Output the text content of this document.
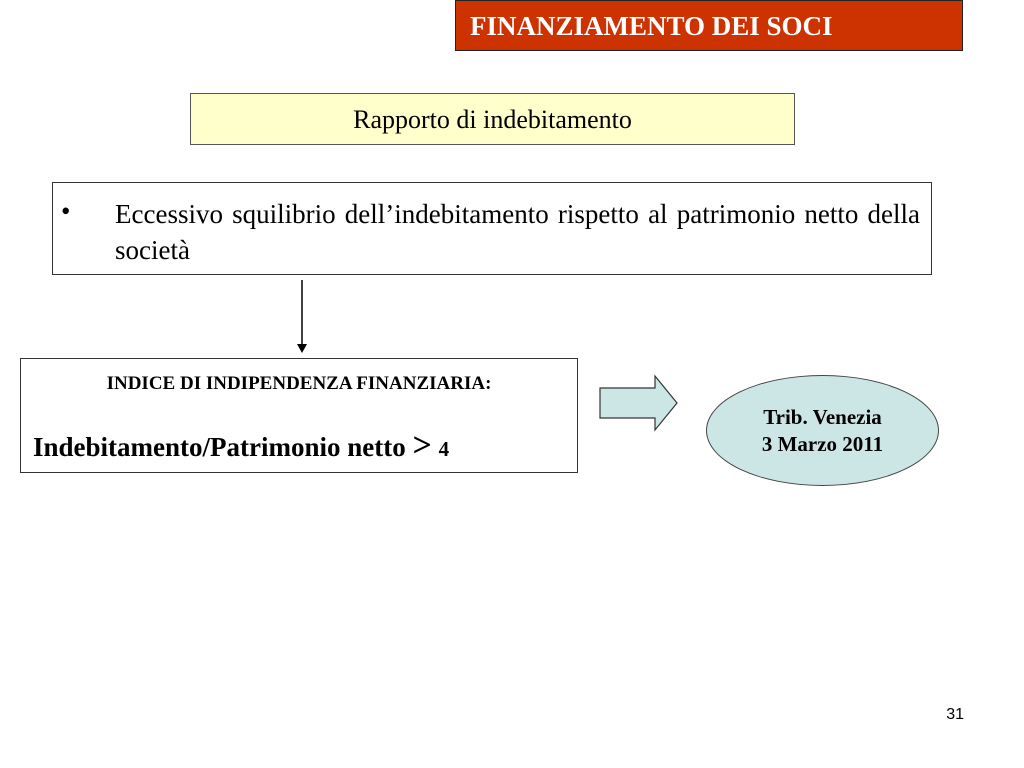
FINANZIAMENTO DEI SOCI
Rapporto di indebitamento
• Eccessivo squilibrio dell’indebitamento rispetto al patrimonio netto della società
INDICE DI INDIPENDENZA FINANZIARIA:
Indebitamento/Patrimonio netto > 4
Trib. Venezia
3 Marzo 2011
31
